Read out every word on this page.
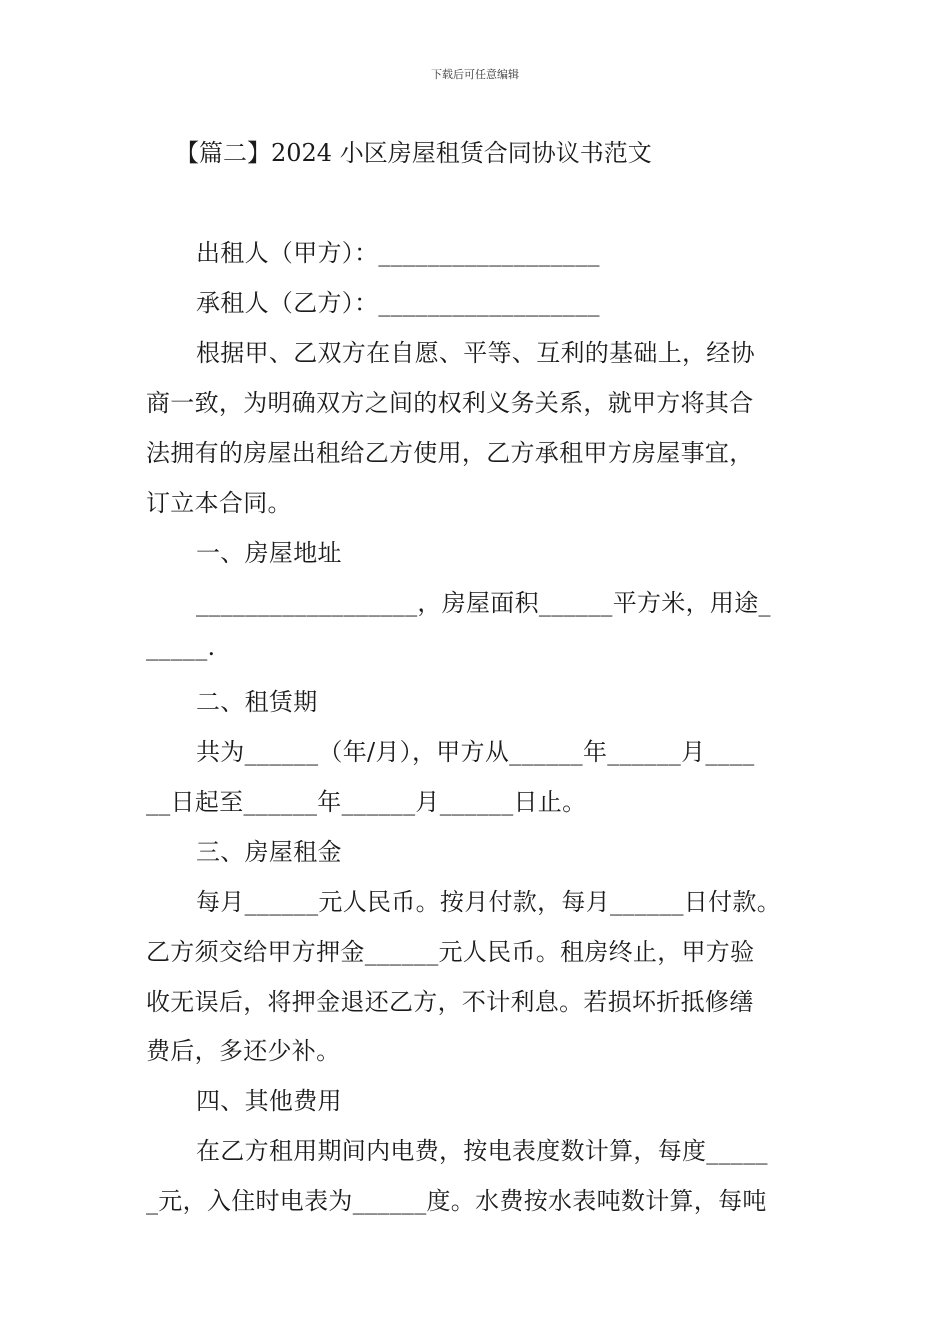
下载后可任意编辑
【篇二】2024 小区房屋租赁合同协议书范文
出租人（甲方）：__________________
承租人（乙方）：__________________
根据甲、乙双方在自愿、平等、互利的基础上，经协
商一致，为明确双方之间的权利义务关系，就甲方将其合
法拥有的房屋出租给乙方使用，乙方承租甲方房屋事宜，
订立本合同。
一、房屋地址
__________________，房屋面积______平方米，用途_
_____.
二、租赁期
共为______（年/月），甲方从______年______月____
__日起至______年______月______日止。
三、房屋租金
每月______元人民币。按月付款，每月______日付款。
乙方须交给甲方押金______元人民币。租房终止，甲方验
收无误后，将押金退还乙方，不计利息。若损坏折抵修缮
费后，多还少补。
四、其他费用
在乙方租用期间内电费，按电表度数计算，每度_____
_元，入住时电表为______度。水费按水表吨数计算，每吨
